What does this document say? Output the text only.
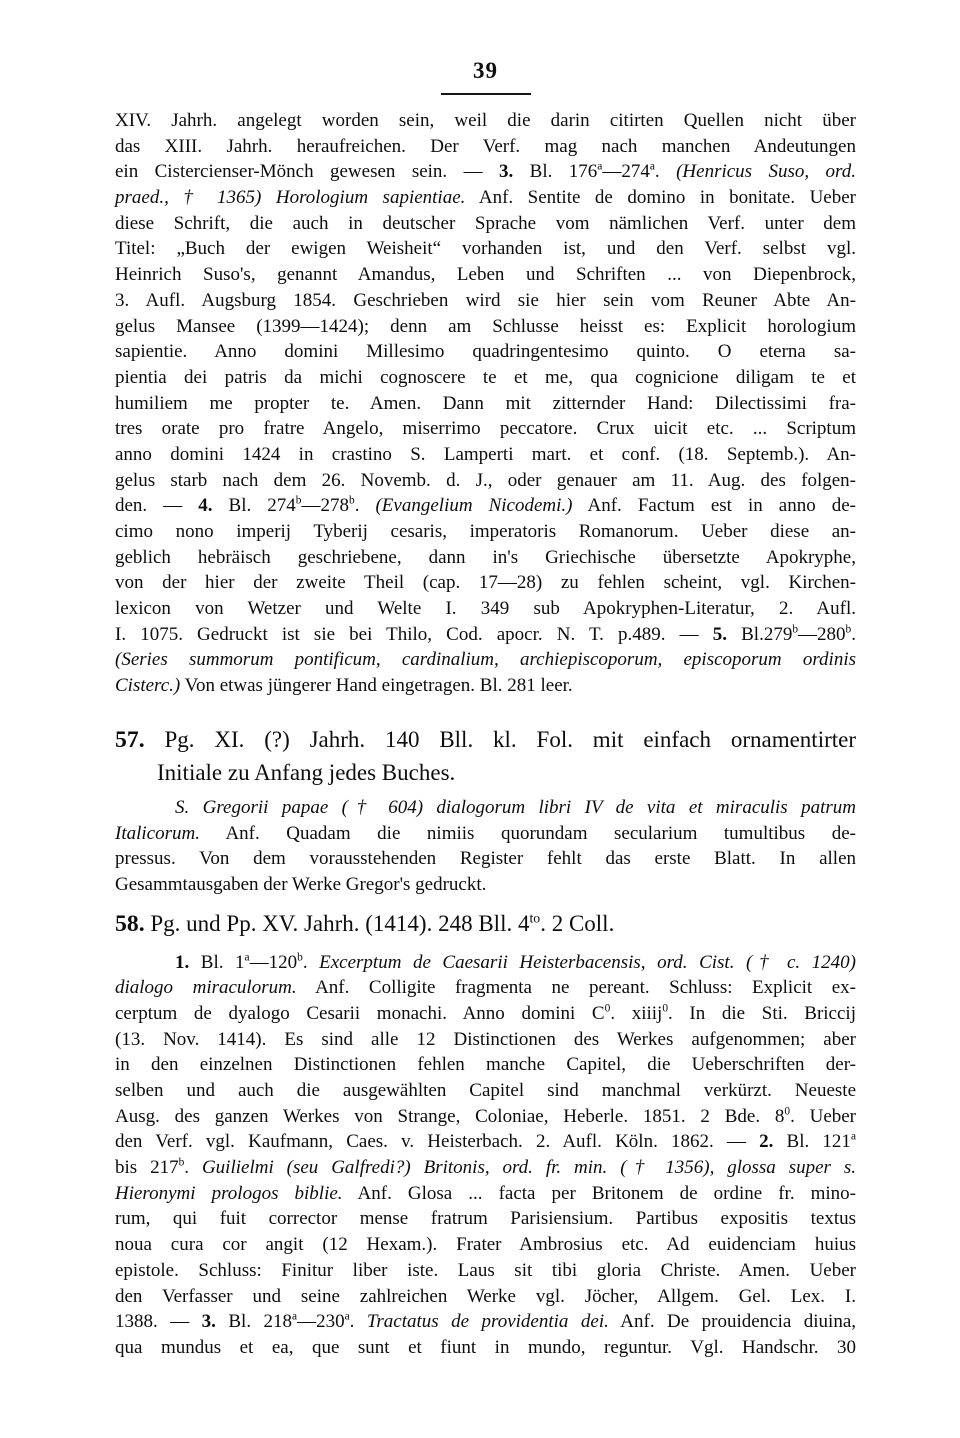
39
XIV. Jahrh. angelegt worden sein, weil die darin citirten Quellen nicht über
das XIII. Jahrh. heraufreichen. Der Verf. mag nach manchen Andeutungen
ein Cistercienser-Mönch gewesen sein. — 3. Bl. 176$^a$—274$^a$. (Henricus Suso, ord.
praed., † 1365) Horologium sapientiae. Anf. Sentite de domino in bonitate. Ueber
diese Schrift, die auch in deutscher Sprache vom nämlichen Verf. unter dem
Titel: „Buch der ewigen Weisheit“ vorhanden ist, und den Verf. selbst vgl.
Heinrich Suso's, genannt Amandus, Leben und Schriften ... von Diepenbrock,
3. Aufl. Augsburg 1854. Geschrieben wird sie hier sein vom Reuner Abte An-
gelus Mansee (1399—1424); denn am Schlusse heisst es: Explicit horologium
sapientie. Anno domini Millesimo quadringentesimo quinto. O eterna sa-
pientia dei patris da michi cognoscere te et me, qua cognicione diligam te et
humiliem me propter te. Amen. Dann mit zitternder Hand: Dilectissimi fra-
tres orate pro fratre Angelo, miserrimo peccatore. Crux uicit etc. ... Scriptum
anno domini 1424 in crastino S. Lamperti mart. et conf. (18. Septemb.). An-
gelus starb nach dem 26. Novemb. d. J., oder genauer am 11. Aug. des folgen-
den. — 4. Bl. 274$^b$—278$^b$. (Evangelium Nicodemi.) Anf. Factum est in anno de-
cimo nono imperij Tyberij cesaris, imperatoris Romanorum. Ueber diese an-
geblich hebräisch geschriebene, dann in's Griechische übersetzte Apokryphe,
von der hier der zweite Theil (cap. 17—28) zu fehlen scheint, vgl. Kirchen-
lexicon von Wetzer und Welte I. 349 sub Apokryphen-Literatur, 2. Aufl.
I. 1075. Gedruckt ist sie bei Thilo, Cod. apocr. N. T. p.489. — 5. Bl.279$^b$—280$^b$.
(Series summorum pontificum, cardinalium, archiepiscoporum, episcoporum ordinis
Cisterc.) Von etwas jüngerer Hand eingetragen. Bl. 281 leer.
57. Pg. XI. (?) Jahrh. 140 Bll. kl. Fol. mit einfach ornamentirter
Initiale zu Anfang jedes Buches.
S. Gregorii papae († 604) dialogorum libri IV de vita et miraculis patrum
Italicorum. Anf. Quadam die nimiis quorundam secularium tumultibus de-
pressus. Von dem vorausstehenden Register fehlt das erste Blatt. In allen
Gesammtausgaben der Werke Gregor's gedruckt.
58. Pg. und Pp. XV. Jahrh. (1414). 248 Bll. $4^{to}$. 2 Coll.
1. Bl. 1$^a$—120$^b$. Excerptum de Caesarii Heisterbacensis, ord. Cist. († c. 1240)
dialogo miraculorum. Anf. Colligite fragmenta ne pereant. Schluss: Explicit ex-
cerptum de dyalogo Cesarii monachi. Anno domini $C^0$. xiiij$^0$. In die Sti. Briccij
(13. Nov. 1414). Es sind alle 12 Distinctionen des Werkes aufgenommen; aber
in den einzelnen Distinctionen fehlen manche Capitel, die Ueberschriften der-
selben und auch die ausgewählten Capitel sind manchmal verkürzt. Neueste
Ausg. des ganzen Werkes von Strange, Coloniae, Heberle. 1851. 2 Bde. $8^0$. Ueber
den Verf. vgl. Kaufmann, Caes. v. Heisterbach. 2. Aufl. Köln. 1862. — 2. Bl. 121$^a$
bis 217$^b$. Guilielmi (seu Galfredi?) Britonis, ord. fr. min. († 1356), glossa super s.
Hieronymi prologos biblie. Anf. Glosa ... facta per Britonem de ordine fr. mino-
rum, qui fuit corrector mense fratrum Parisiensium. Partibus expositis textus
noua cura cor angit (12 Hexam.). Frater Ambrosius etc. Ad euidenciam huius
epistole. Schluss: Finitur liber iste. Laus sit tibi gloria Christe. Amen. Ueber
den Verfasser und seine zahlreichen Werke vgl. Jöcher, Allgem. Gel. Lex. I.
1388. — 3. Bl. 218$^a$—230$^a$. Tractatus de providentia dei. Anf. De prouidencia diuina,
qua mundus et ea, que sunt et fiunt in mundo, reguntur. Vgl. Handschr. 30
